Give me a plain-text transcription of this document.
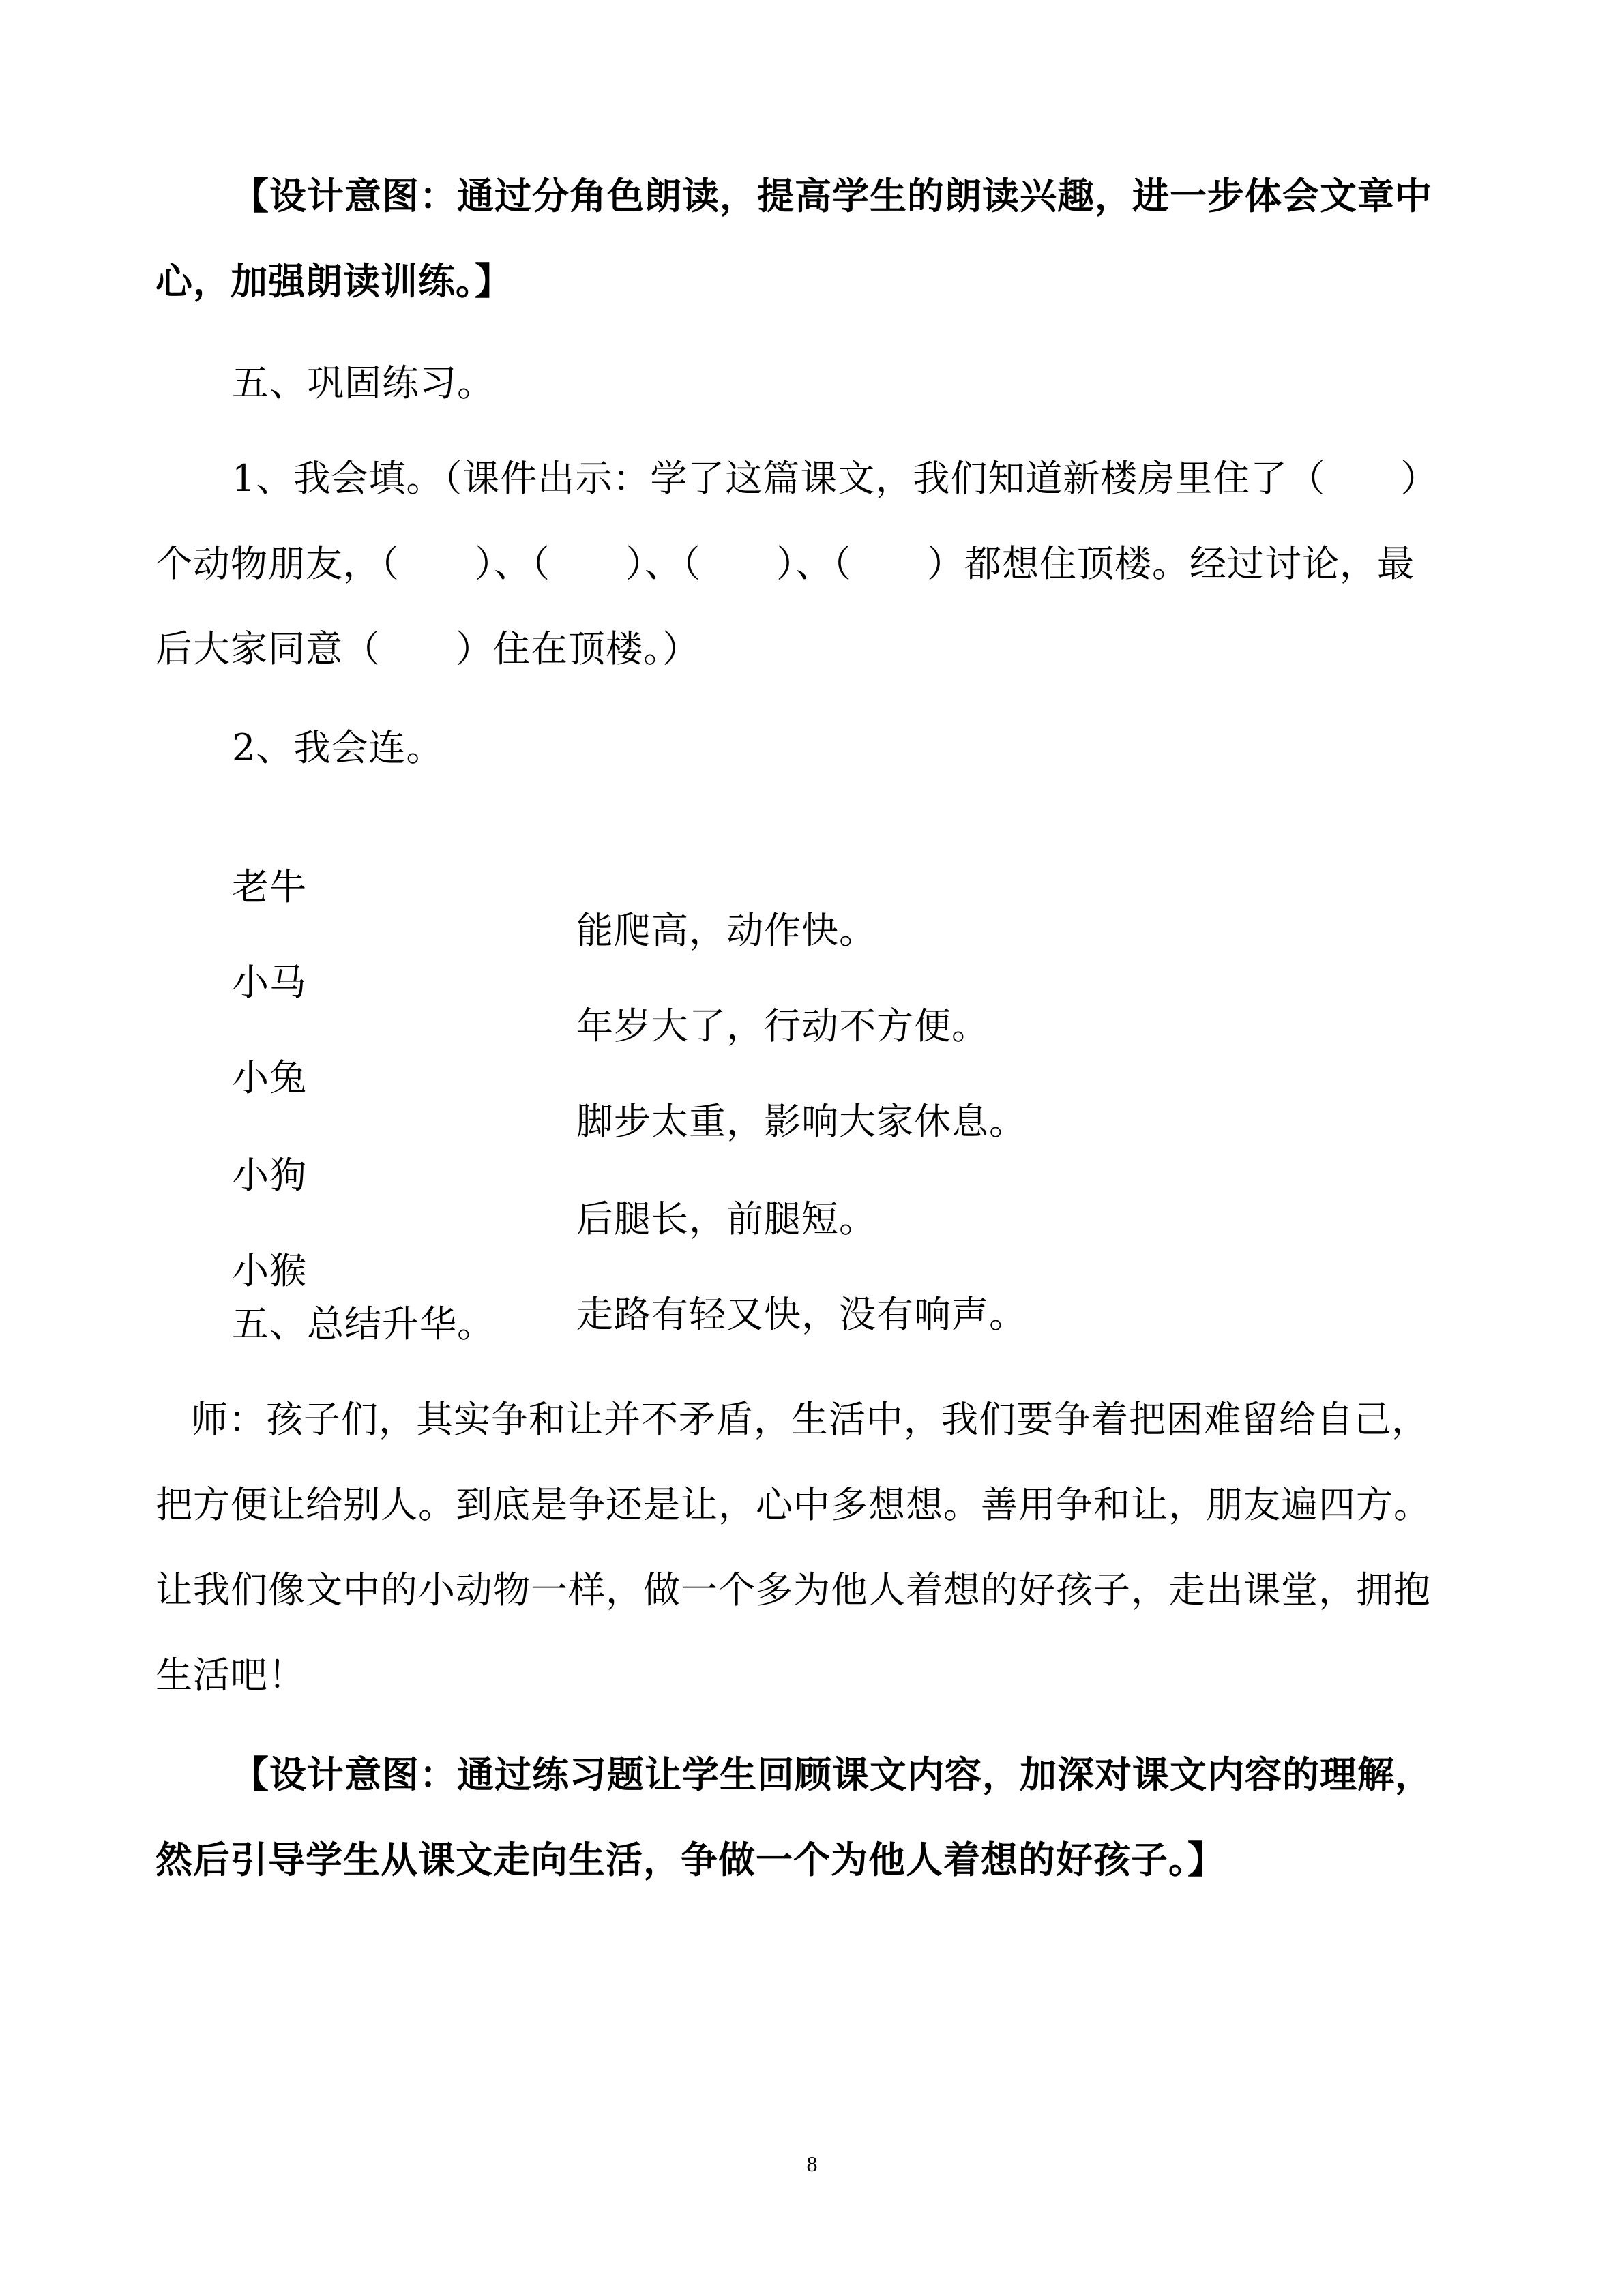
【设计意图：通过分角色朗读，提高学生的朗读兴趣，进一步体会文章中
心，加强朗读训练。】
五、巩固练习。
1、我会填。（课件出示：学了这篇课文，我们知道新楼房里住了（　　）
个动物朋友，（　　）、（　　）、（　　）、（　　）都想住顶楼。经过讨论，最
后大家同意（　　）住在顶楼。）
2、我会连。

老牛

能爬高，动作快。

小马

年岁大了，行动不方便。

小兔

脚步太重，影响大家休息。

小狗

后腿长，前腿短。

小猴

走路有轻又快，没有响声。

五、总结升华。
师：孩子们，其实争和让并不矛盾，生活中，我们要争着把困难留给自己，
把方便让给别人。到底是争还是让，心中多想想。善用争和让，朋友遍四方。
让我们像文中的小动物一样，做一个多为他人着想的好孩子，走出课堂，拥抱
生活吧！
【设计意图：通过练习题让学生回顾课文内容，加深对课文内容的理解，
然后引导学生从课文走向生活，争做一个为他人着想的好孩子。】
8
